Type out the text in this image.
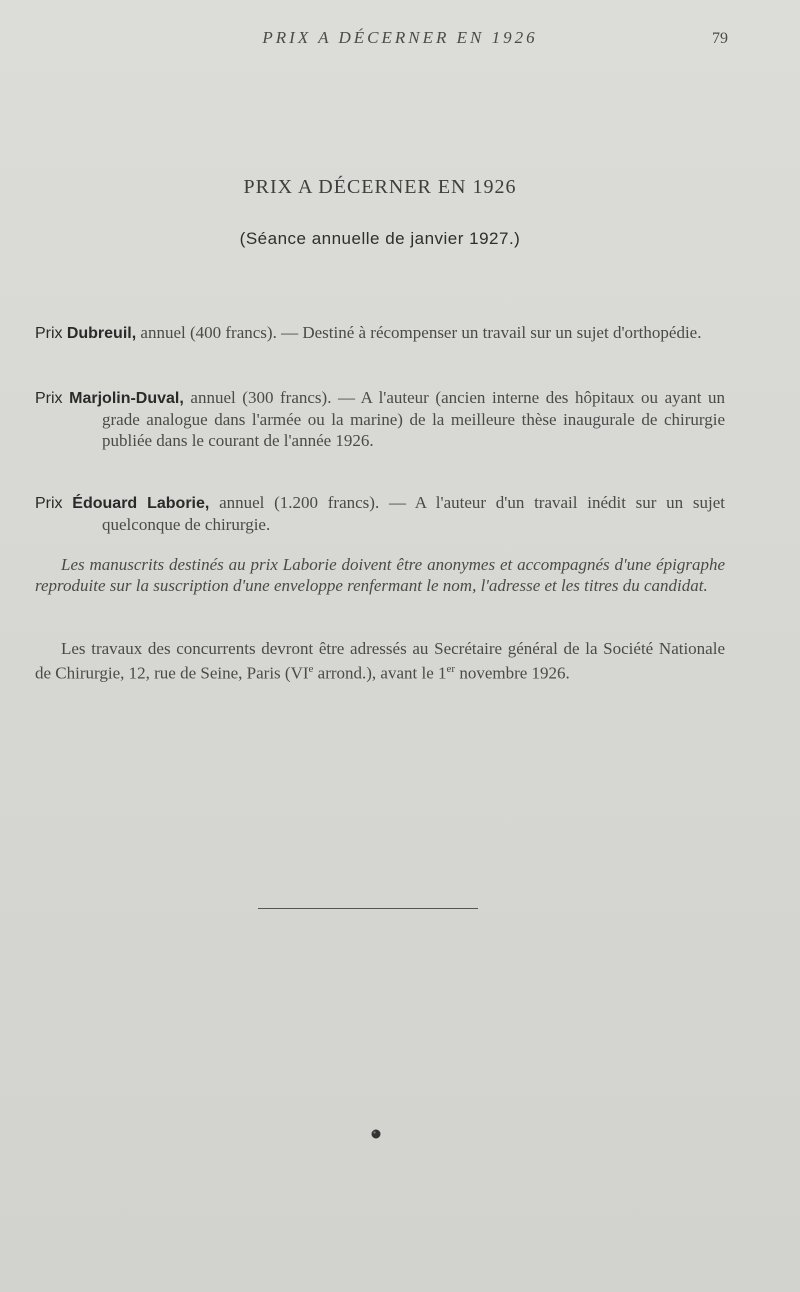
PRIX A DÉCERNER EN 1926	79
PRIX A DÉCERNER EN 1926
(Séance annuelle de janvier 1927.)
Prix Dubreuil, annuel (400 francs). — Destiné à récompenser un travail sur un sujet d'orthopédie.
Prix Marjolin-Duval, annuel (300 francs). — A l'auteur (ancien interne des hôpitaux ou ayant un grade analogue dans l'armée ou la marine) de la meilleure thèse inaugurale de chirurgie publiée dans le courant de l'année 1926.
Prix Édouard Laborie, annuel (1.200 francs). — A l'auteur d'un travail inédit sur un sujet quelconque de chirurgie.
Les manuscrits destinés au prix Laborie doivent être anonymes et accompagnés d'une épigraphe reproduite sur la suscription d'une enveloppe renfermant le nom, l'adresse et les titres du candidat.
Les travaux des concurrents devront être adressés au Secrétaire général de la Société Nationale de Chirurgie, 12, rue de Seine, Paris (VIe arrond.), avant le 1er novembre 1926.
